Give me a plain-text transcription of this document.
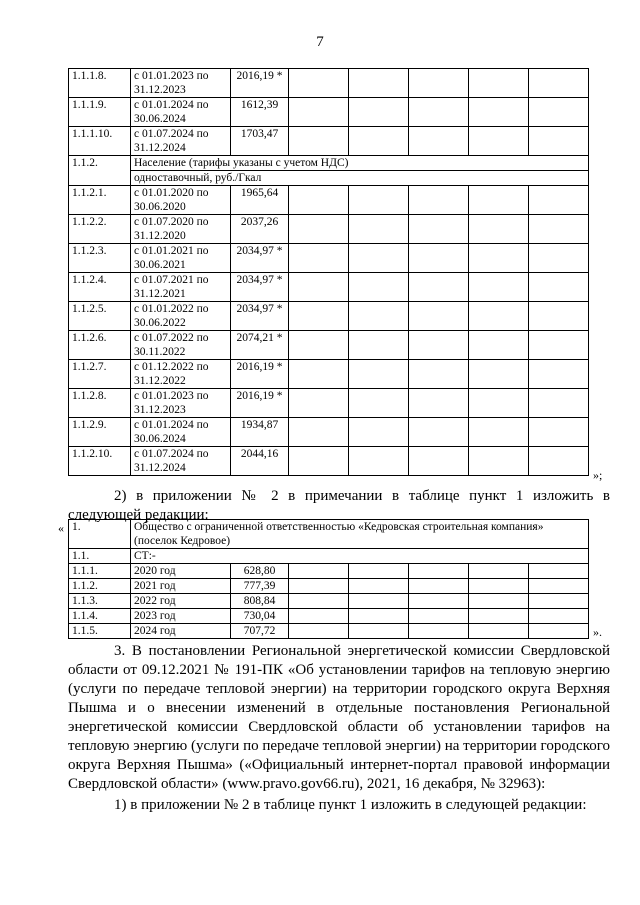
7
1.1.1.8.	с 01.01.2023 по 31.12.2023	2016,19 *					
1.1.1.9.	с 01.01.2024 по 30.06.2024	1612,39					
1.1.1.10.	с 01.07.2024 по 31.12.2024	1703,47					
1.1.2.	Население (тарифы указаны с учетом НДС)						
	одноставочный, руб./Гкал						
1.1.2.1.	с 01.01.2020 по 30.06.2020	1965,64					
1.1.2.2.	с 01.07.2020 по 31.12.2020	2037,26					
1.1.2.3.	с 01.01.2021 по 30.06.2021	2034,97 *					
1.1.2.4.	с 01.07.2021 по 31.12.2021	2034,97 *					
1.1.2.5.	с 01.01.2022 по 30.06.2022	2034,97 *					
1.1.2.6.	с 01.07.2022 по 30.11.2022	2074,21 *					
1.1.2.7.	с 01.12.2022 по 31.12.2022	2016,19 *					
1.1.2.8.	с 01.01.2023 по 31.12.2023	2016,19 *					
1.1.2.9.	с 01.01.2024 по 30.06.2024	1934,87					
1.1.2.10.	с 01.07.2024 по 31.12.2024	2044,16					
»;
2) в приложении № 2 в примечании в таблице пункт 1 изложить в следующей редакции:
« 1.	Общество с ограниченной ответственностью «Кедровская строительная компания» (поселок Кедровое)						
1.1.	СТ:-						
1.1.1.	2020 год	628,80					
1.1.2.	2021 год	777,39					
1.1.3.	2022 год	808,84					
1.1.4.	2023 год	730,04					
1.1.5.	2024 год	707,72						».
3. В постановлении Региональной энергетической комиссии Свердловской области от 09.12.2021 № 191-ПК «Об установлении тарифов на тепловую энергию (услуги по передаче тепловой энергии) на территории городского округа Верхняя Пышма и о внесении изменений в отдельные постановления Региональной энергетической комиссии Свердловской области об установлении тарифов на тепловую энергию (услуги по передаче тепловой энергии) на территории городского округа Верхняя Пышма» («Официальный интернет-портал правовой информации Свердловской области» (www.pravo.gov66.ru), 2021, 16 декабря, № 32963):
1) в приложении № 2 в таблице пункт 1 изложить в следующей редакции:
